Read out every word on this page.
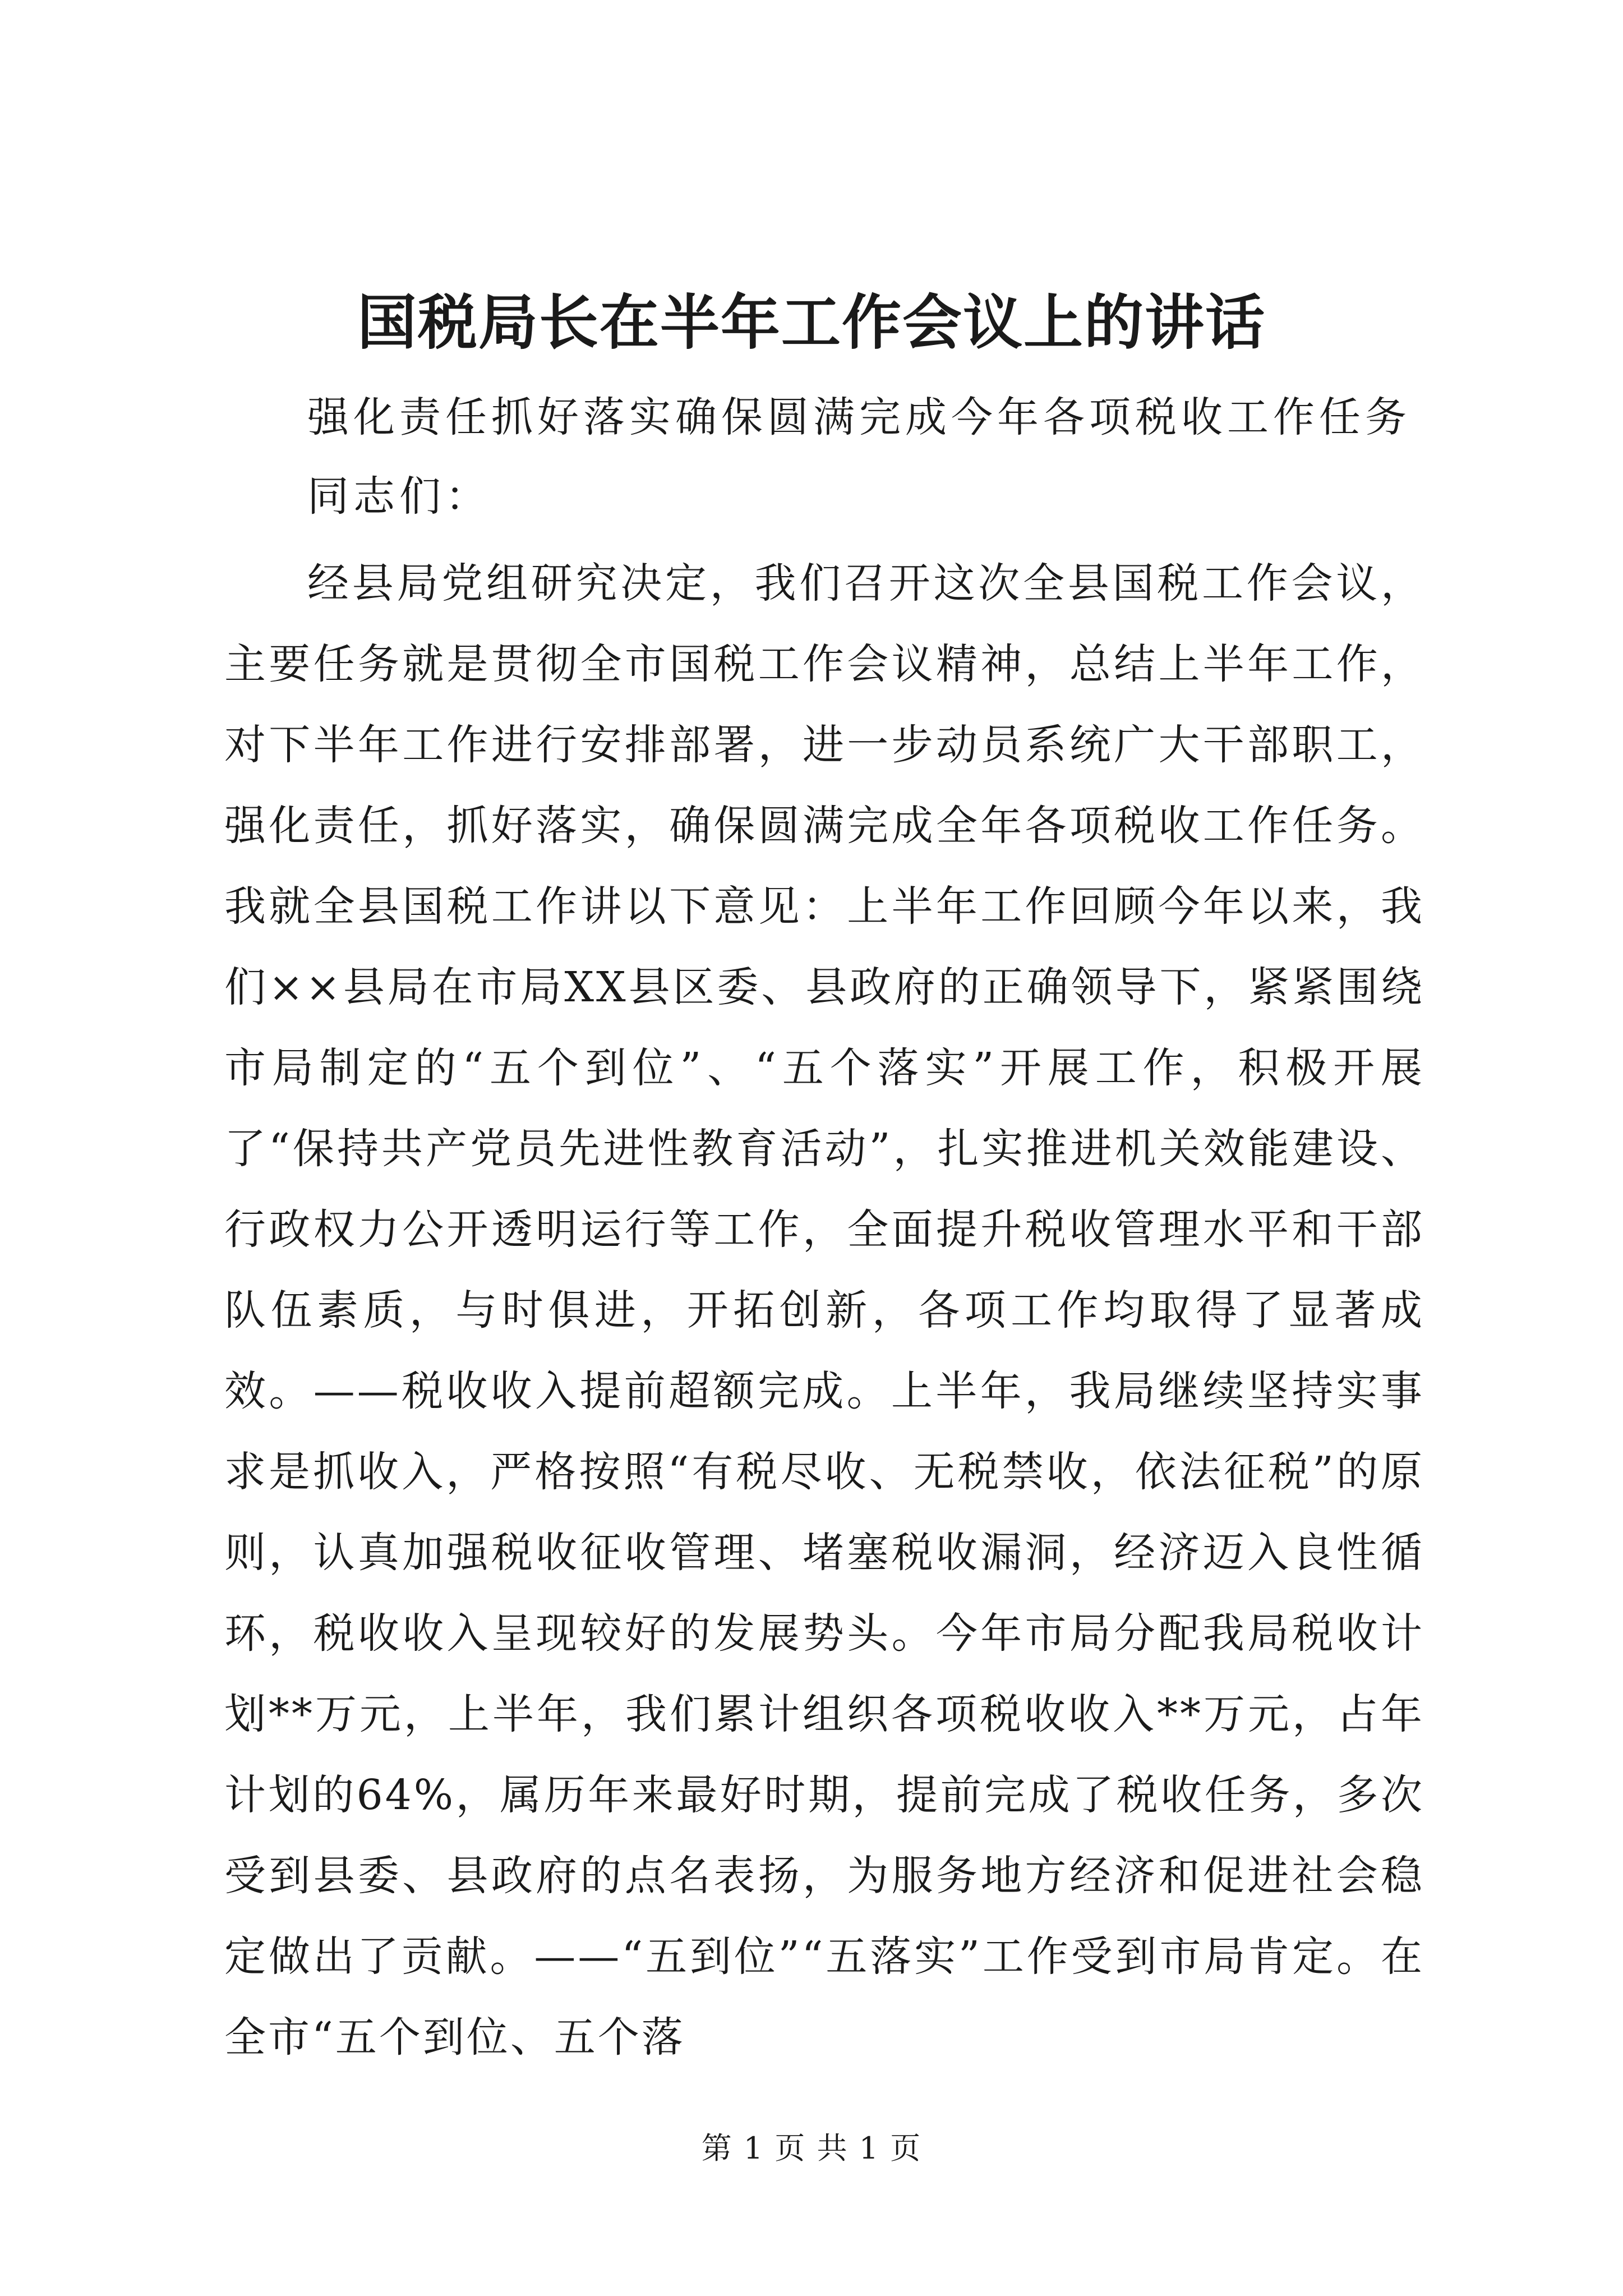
国税局长在半年工作会议上的讲话
强化责任抓好落实确保圆满完成今年各项税收工作任务
同志们：

经县局党组研究决定，我们召开这次全县国税工作会议，主要任务就是贯彻全市国税工作会议精神，总结上半年工作，对下半年工作进行安排部署，进一步动员系统广大干部职工，强化责任，抓好落实，确保圆满完成全年各项税收工作任务。我就全县国税工作讲以下意见：上半年工作回顾今年以来，我们××县局在市局XX县区委、县政府的正确领导下，紧紧围绕市局制定的“五个到位”、“五个落实”开展工作，积极开展了“保持共产党员先进性教育活动”，扎实推进机关效能建设、行政权力公开透明运行等工作，全面提升税收管理水平和干部队伍素质，与时俱进，开拓创新，各项工作均取得了显著成效。——税收收入提前超额完成。上半年，我局继续坚持实事求是抓收入，严格按照“有税尽收、无税禁收，依法征税”的原则，认真加强税收征收管理、堵塞税收漏洞，经济迈入良性循环，税收收入呈现较好的发展势头。今年市局分配我局税收计划**万元，上半年，我们累计组织各项税收收入**万元，占年计划的64%，属历年来最好时期，提前完成了税收任务，多次受到县委、县政府的点名表扬，为服务地方经济和促进社会稳定做出了贡献。——“五到位”“五落实”工作受到市局肯定。在全市“五个到位、五个落

第 1 页 共 1 页
